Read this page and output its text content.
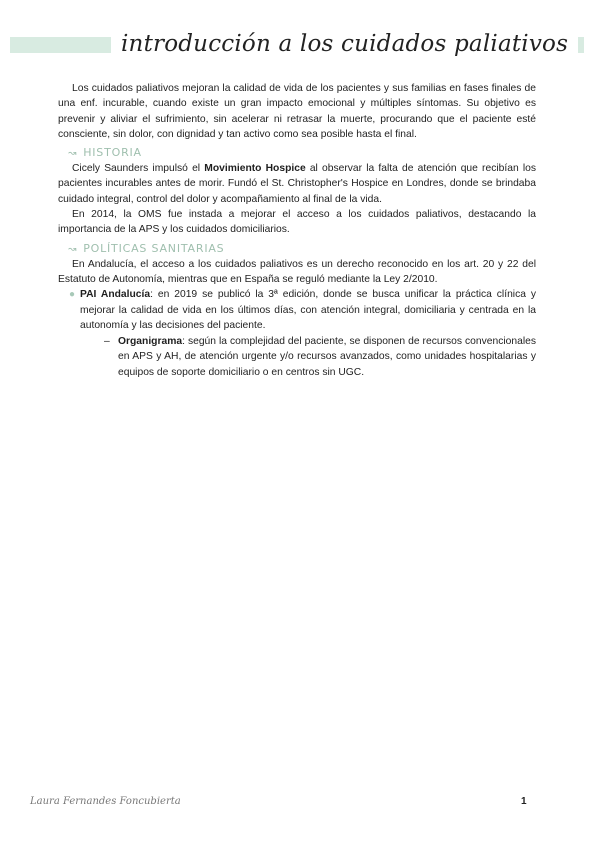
introducción a los cuidados paliativos

Los cuidados paliativos mejoran la calidad de vida de los pacientes y sus familias en fases finales de una enf. incurable, cuando existe un gran impacto emocional y múltiples síntomas. Su objetivo es prevenir y aliviar el sufrimiento, sin acelerar ni retrasar la muerte, procurando que el paciente esté consciente, sin dolor, con dignidad y tan activo como sea posible hasta el final.

↝ HISTORIA

Cicely Saunders impulsó el Movimiento Hospice al observar la falta de atención que recibían los pacientes incurables antes de morir. Fundó el St. Christopher's Hospice en Londres, donde se brindaba cuidado integral, control del dolor y acompañamiento al final de la vida.

En 2014, la OMS fue instada a mejorar el acceso a los cuidados paliativos, destacando la importancia de la APS y los cuidados domiciliarios.

↝ POLÍTICAS SANITARIAS

En Andalucía, el acceso a los cuidados paliativos es un derecho reconocido en los art. 20 y 22 del Estatuto de Autonomía, mientras que en España se reguló mediante la Ley 2/2010.

● PAI Andalucía: en 2019 se publicó la 3ª edición, donde se busca unificar la práctica clínica y mejorar la calidad de vida en los últimos días, con atención integral, domiciliaria y centrada en la autonomía y las decisiones del paciente.
– Organigrama: según la complejidad del paciente, se disponen de recursos convencionales en APS y AH, de atención urgente y/o recursos avanzados, como unidades hospitalarias y equipos de soporte domiciliario o en centros sin UGC.
Laura Fernandes Foncubierta	1
